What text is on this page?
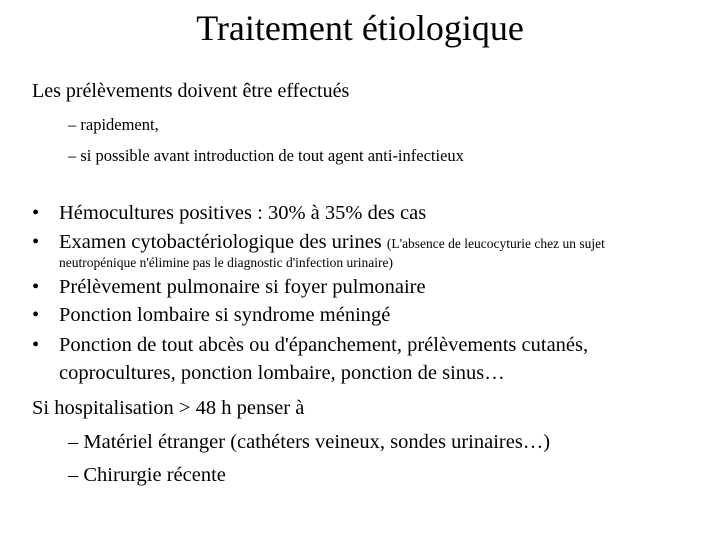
Traitement étiologique
Les prélèvements doivent être effectués
– rapidement,
– si possible avant introduction de tout agent anti-infectieux
• Hémocultures positives : 30% à 35% des cas
• Examen cytobactériologique des urines (L'absence de leucocyturie chez un sujet
neutropénique n'élimine pas le diagnostic d'infection urinaire)
• Prélèvement pulmonaire si foyer pulmonaire
• Ponction lombaire si syndrome méningé
• Ponction de tout abcès ou d'épanchement, prélèvements cutanés,
coprocultures, ponction lombaire, ponction de sinus…
Si hospitalisation > 48 h penser à
– Matériel étranger (cathéters veineux, sondes urinaires…)
– Chirurgie récente
